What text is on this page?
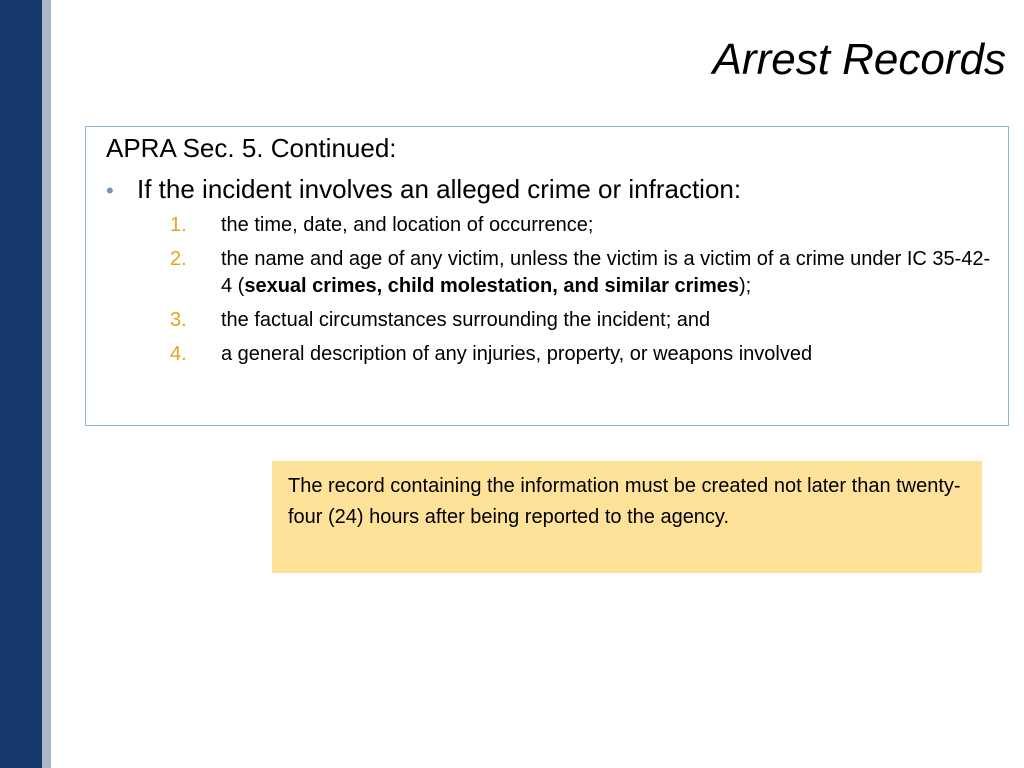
Arrest Records
APRA Sec. 5. Continued:
• If the incident involves an alleged crime or infraction:
1.	the time, date, and location of occurrence;
2.	the name and age of any victim, unless the victim is a victim of a crime under IC 35-42-4 (sexual crimes, child molestation, and similar crimes);
3.	the factual circumstances surrounding the incident; and
4.	a general description of any injuries, property, or weapons involved
The record containing the information must be created not later than twenty-four (24) hours after being reported to the agency.
